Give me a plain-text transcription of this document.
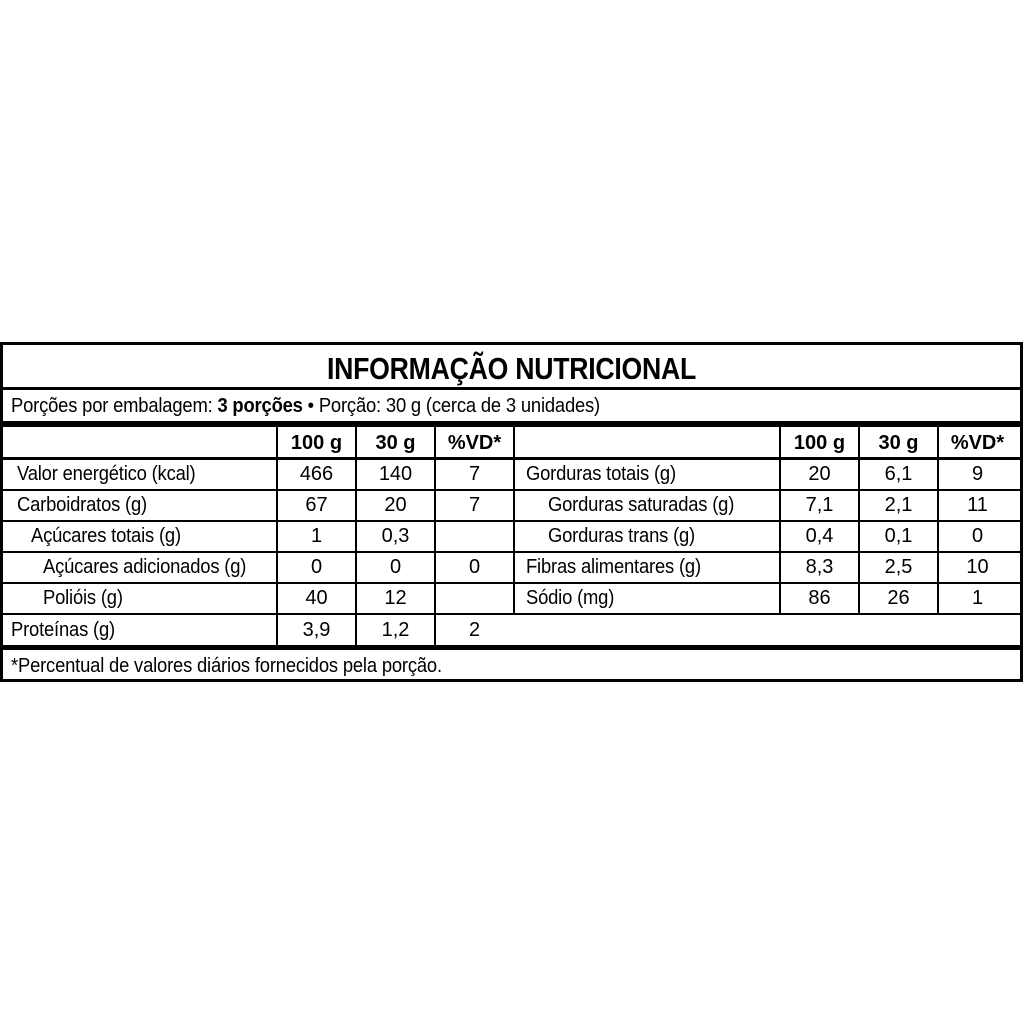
INFORMAÇÃO NUTRICIONAL
Porções por embalagem: 3 porções • Porção: 30 g (cerca de 3 unidades)
100 g	30 g	%VD*	100 g	30 g	%VD*
Valor energético (kcal)	466	140	7
Carboidratos (g)	67	20	7
Açúcares totais (g)	1	0,3
Açúcares adicionados (g)	0	0	0
Polióis (g)	40	12
Proteínas (g)	3,9	1,2	2
Gorduras totais (g)	20	6,1	9
Gorduras saturadas (g)	7,1	2,1	11
Gorduras trans (g)	0,4	0,1	0
Fibras alimentares (g)	8,3	2,5	10
Sódio (mg)	86	26	1
*Percentual de valores diários fornecidos pela porção.
